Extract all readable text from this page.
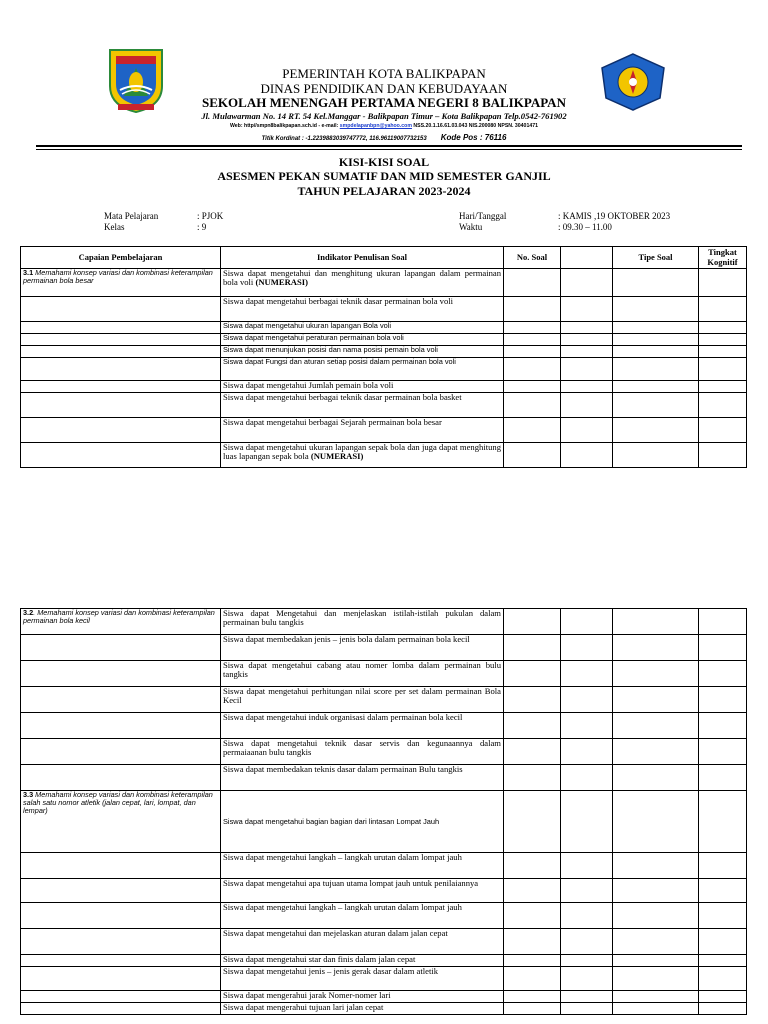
PEMERINTAH KOTA BALIKPAPAN
DINAS PENDIDIKAN DAN KEBUDAYAAN
SEKOLAH MENENGAH PERTAMA NEGERI 8 BALIKPAPAN
Jl. Mulawarman No. 14 RT. 54 Kel.Manggar - Balikpapan Timur – Kota Balikpapan Telp.0542-761902
Web: http//smpn8balikpapan.sch.id - e-mail: smpdelapanbpn@yahoo.com NSS.20.1.16.61.03.043 NIS.200080 NPSN. 30401471
Titik Kordinat : -1.2239883039747772, 116.96119007732153 Kode Pos : 76116
KISI-KISI SOAL
ASESMEN PEKAN SUMATIF DAN MID SEMESTER GANJIL
TAHUN PELAJARAN 2023-2024
Mata Pelajaran	: PJOK
Kelas	: 9
Hari/Tanggal	: KAMIS ,19 OKTOBER 2023
Waktu	: 09.30 – 11.00
Capaian Pembelajaran	Indikator Penulisan Soal	No. Soal		Tipe Soal	Tingkat Kognitif
3.1 Memahami konsep variasi dan kombinasi keterampilan permainan bola besar	Siswa dapat mengetahui dan menghitung ukuran lapangan dalam permainan bola voli (NUMERASI)				
	Siswa dapat mengetahui berbagai teknik dasar permainan bola voli				
	Siswa dapat mengetahui ukuran lapangan Bola voli				
	Siswa dapat mengetahui peraturan permainan bola voli				
	Siswa dapat menunjukan posisi dan nama posisi pemain bola voli				
	Siswa dapat Fungsi dan aturan setiap posisi dalam permainan bola voli				
	Siswa dapat mengetahui Jumlah pemain bola voli				
	Siswa dapat mengetahui berbagai teknik dasar permainan bola basket				
	Siswa dapat mengetahui berbagai Sejarah permainan bola besar				
	Siswa dapat mengetahui ukuran lapangan sepak bola dan juga dapat menghitung luas lapangan sepak bola (NUMERASI)				
3.2. Memahami konsep variasi dan kombinasi keterampilan permainan bola kecil	Siswa dapat Mengetahui dan menjelaskan istilah-istilah pukulan dalam permainan bulu tangkis				
	Siswa dapat membedakan jenis – jenis bola dalam permainan bola kecil				
	Siswa dapat mengetahui cabang atau nomer lomba dalam permainan bulu tangkis				
	Siswa dapat mengetahui perhitungan nilai score per set dalam permainan Bola Kecil				
	Siswa dapat mengetahui induk organisasi dalam permainan bola kecil				
	Siswa dapat mengetahui teknik dasar servis dan kegunaannya dalam permaiaanan bulu tangkis				
	Siswa dapat membedakan teknis dasar dalam permainan Bulu tangkis				
3.3 Memahami konsep variasi dan kombinasi keterampilan salah satu nomor atletik (jalan cepat, lari, lompat, dan lempar)	Siswa dapat mengetahui bagian bagian dari lintasan Lompat Jauh				
	Siswa dapat mengetahui langkah – langkah urutan dalam lompat jauh				
	Siswa dapat mengetahui apa tujuan utama lompat jauh untuk penilaiannya				
	Siswa dapat mengetahui langkah – langkah urutan dalam lompat jauh				
	Siswa dapat mengetahui dan mejelaskan aturan dalam jalan cepat				
	Siswa dapat mengetahui star dan finis dalam jalan cepat				
	Siswa dapat mengetahui jenis – jenis gerak dasar dalam atletik				
	Siswa dapat mengerahui jarak Nomer-nomer lari				
	Siswa dapat mengerahui tujuan lari jalan cepat				
